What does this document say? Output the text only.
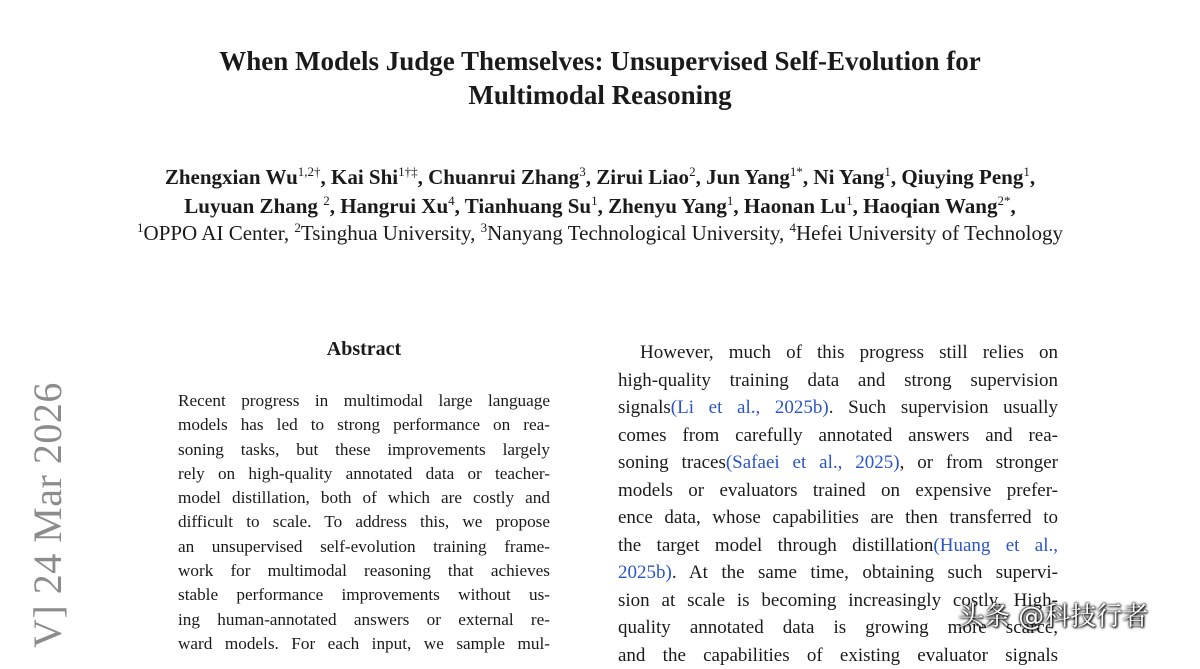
When Models Judge Themselves: Unsupervised Self-Evolution for
Multimodal Reasoning
Zhengxian $Wu^{1,2\dagger}$, Kai Shi$^{1\dagger\ddagger}$, Chuanrui Zhang$^3$, Zirui Liao$^2$, Jun Yang$^{1*}$, Ni Yang$^1$, Qiuying Peng$^1$,
Luyuan Zhang $^2$, Hangrui Xu$^4$, Tianhuang Su$^1$, Zhenyu Yang$^1$, Haonan Lu$^1$, Haoqian Wang$^{2*}$,
$^1$OPPO AI Center, $^2$Tsinghua University, $^3$Nanyang Technological University, $^4$Hefei University of Technology
V] 24 Mar 2026
Abstract
Recent progress in multimodal large language
models has led to strong performance on rea-
soning tasks, but these improvements largely
rely on high-quality annotated data or teacher-
model distillation, both of which are costly and
difficult to scale. To address this, we propose
an unsupervised self-evolution training frame-
work for multimodal reasoning that achieves
stable performance improvements without us-
ing human-annotated answers or external re-
ward models. For each input, we sample mul-
However, much of this progress still relies on
high-quality training data and strong supervision
signals(Li et al., 2025b). Such supervision usually
comes from carefully annotated answers and rea-
soning traces(Safaei et al., 2025), or from stronger
models or evaluators trained on expensive prefer-
ence data, whose capabilities are then transferred to
the target model through distillation(Huang et al.,
2025b). At the same time, obtaining such supervi-
sion at scale is becoming increasingly costly. High-
quality annotated data is growing more scarce,
and the capabilities of existing evaluator signals
头条 @科技行者
